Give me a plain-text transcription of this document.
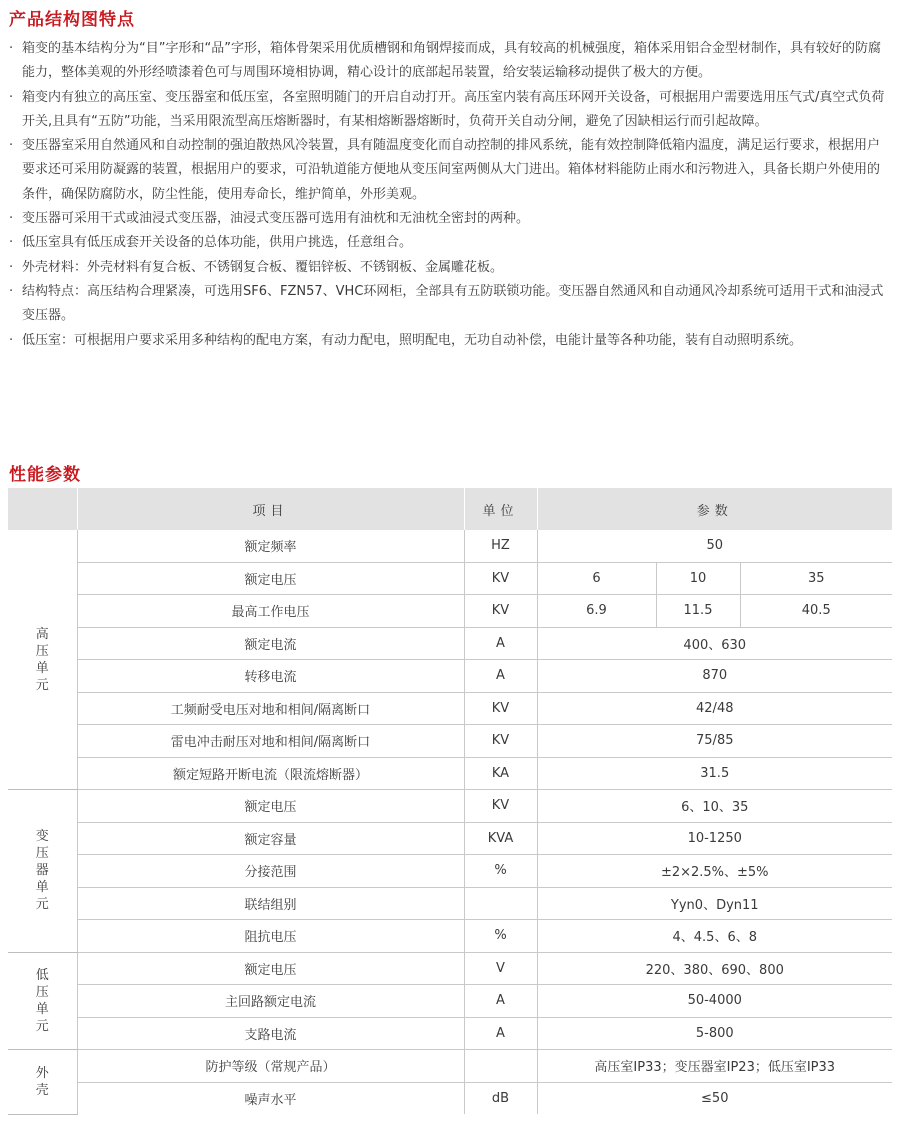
产品结构图特点
· 箱变的基本结构分为“目”字形和“品”字形，箱体骨架采用优质槽钢和角钢焊接而成，具有较高的机械强度，箱体采用铝合金型材制作，具有较好的防腐能力，整体美观的外形经喷漆着色可与周围环境相协调，精心设计的底部起吊装置，给安装运输移动提供了极大的方便。
· 箱变内有独立的高压室、变压器室和低压室，各室照明随门的开启自动打开。高压室内装有高压环网开关设备，可根据用户需要选用压气式/真空式负荷开关,且具有“五防”功能，当采用限流型高压熔断器时，有某相熔断器熔断时，负荷开关自动分闸，避免了因缺相运行而引起故障。
· 变压器室采用自然通风和自动控制的强迫散热风冷装置，具有随温度变化而自动控制的排风系统，能有效控制降低箱内温度，满足运行要求，根据用户要求还可采用防凝露的装置，根据用户的要求，可沿轨道能方便地从变压间室两侧从大门进出。箱体材料能防止雨水和污物进入，具备长期户外使用的条件，确保防腐防水，防尘性能，使用寿命长，维护简单，外形美观。
· 变压器可采用干式或油浸式变压器，油浸式变压器可选用有油枕和无油枕全密封的两种。
· 低压室具有低压成套开关设备的总体功能，供用户挑选，任意组合。
· 外壳材料：外壳材料有复合板、不锈钢复合板、覆铝锌板、不锈钢板、金属雕花板。
· 结构特点：高压结构合理紧凑，可选用SF6、FZN57、VHC环网柜，全部具有五防联锁功能。变压器自然通风和自动通风冷却系统可适用干式和油浸式变压器。
· 低压室：可根据用户要求采用多种结构的配电方案，有动力配电，照明配电，无功自动补偿，电能计量等各种功能，装有自动照明系统。
性能参数
	项目	单位	参数		
高压单元	额定频率	HZ	50		
	额定电压	KV	6	10	35
	最高工作电压	KV	6.9	11.5	40.5
	额定电流	A	400、630		
	转移电流	A	870		
	工频耐受电压对地和相间/隔离断口	KV	42/48		
	雷电冲击耐压对地和相间/隔离断口	KV	75/85		
	额定短路开断电流（限流熔断器）	KA	31.5		
变压器单元	额定电压	KV	6、10、35		
	额定容量	KVA	10-1250		
	分接范围	%	±2×2.5%、±5%		
	联结组别		Yyn0、Dyn11		
	阻抗电压	%	4、4.5、6、8		
低压单元	额定电压	V	220、380、690、800		
	主回路额定电流	A	50-4000		
	支路电流	A	5-800		
外壳	防护等级（常规产品）		高压室IP33；变压器室IP23；低压室IP33		
	噪声水平	dB	≤50		
